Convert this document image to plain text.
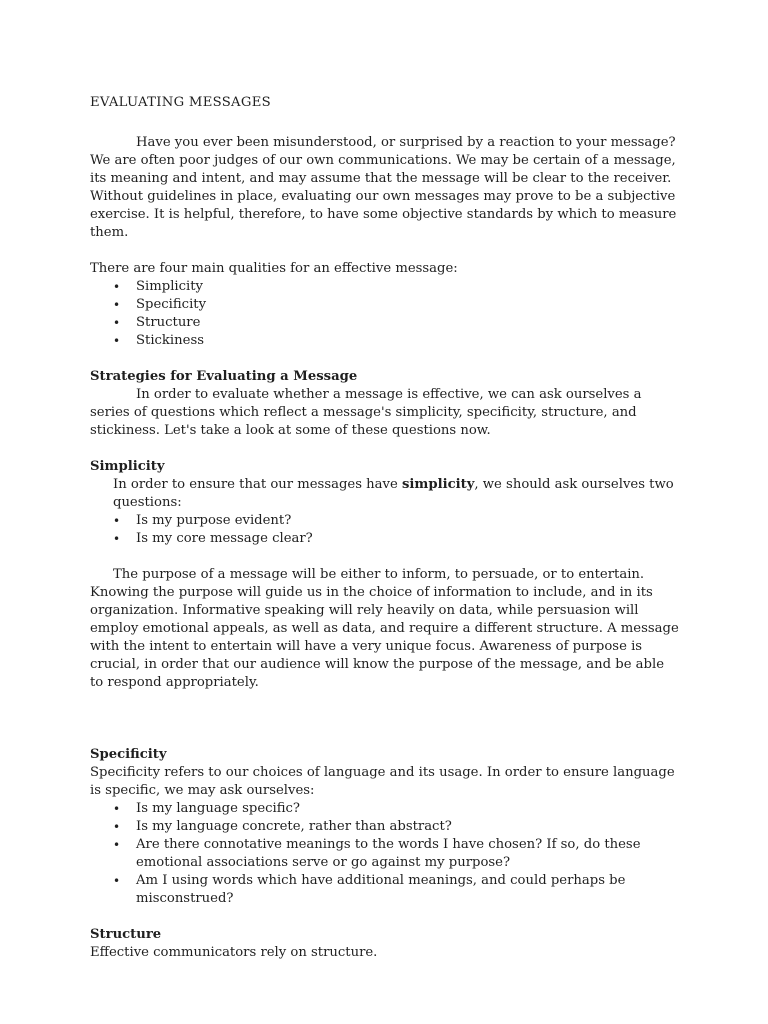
EVALUATING MESSAGES

Have you ever been misunderstood, or surprised by a reaction to your message? We are often poor judges of our own communications. We may be certain of a message, its meaning and intent, and may assume that the message will be clear to the receiver. Without guidelines in place, evaluating our own messages may prove to be a subjective exercise. It is helpful, therefore, to have some objective standards by which to measure them.

There are four main qualities for an effective message:

• Simplicity
• Specificity
• Structure
• Stickiness

Strategies for Evaluating a Message

In order to evaluate whether a message is effective, we can ask ourselves a series of questions which reflect a message's simplicity, specificity, structure, and stickiness. Let's take a look at some of these questions now.

Simplicity

In order to ensure that our messages have simplicity, we should ask ourselves two questions:

• Is my purpose evident?
• Is my core message clear?

The purpose of a message will be either to inform, to persuade, or to entertain. Knowing the purpose will guide us in the choice of information to include, and in its organization. Informative speaking will rely heavily on data, while persuasion will employ emotional appeals, as well as data, and require a different structure. A message with the intent to entertain will have a very unique focus. Awareness of purpose is crucial, in order that our audience will know the purpose of the message, and be able to respond appropriately.

Specificity

Specificity refers to our choices of language and its usage. In order to ensure language is specific, we may ask ourselves:

• Is my language specific?
• Is my language concrete, rather than abstract?
• Are there connotative meanings to the words I have chosen? If so, do these emotional associations serve or go against my purpose?
• Am I using words which have additional meanings, and could perhaps be misconstrued?

Structure

Effective communicators rely on structure.
